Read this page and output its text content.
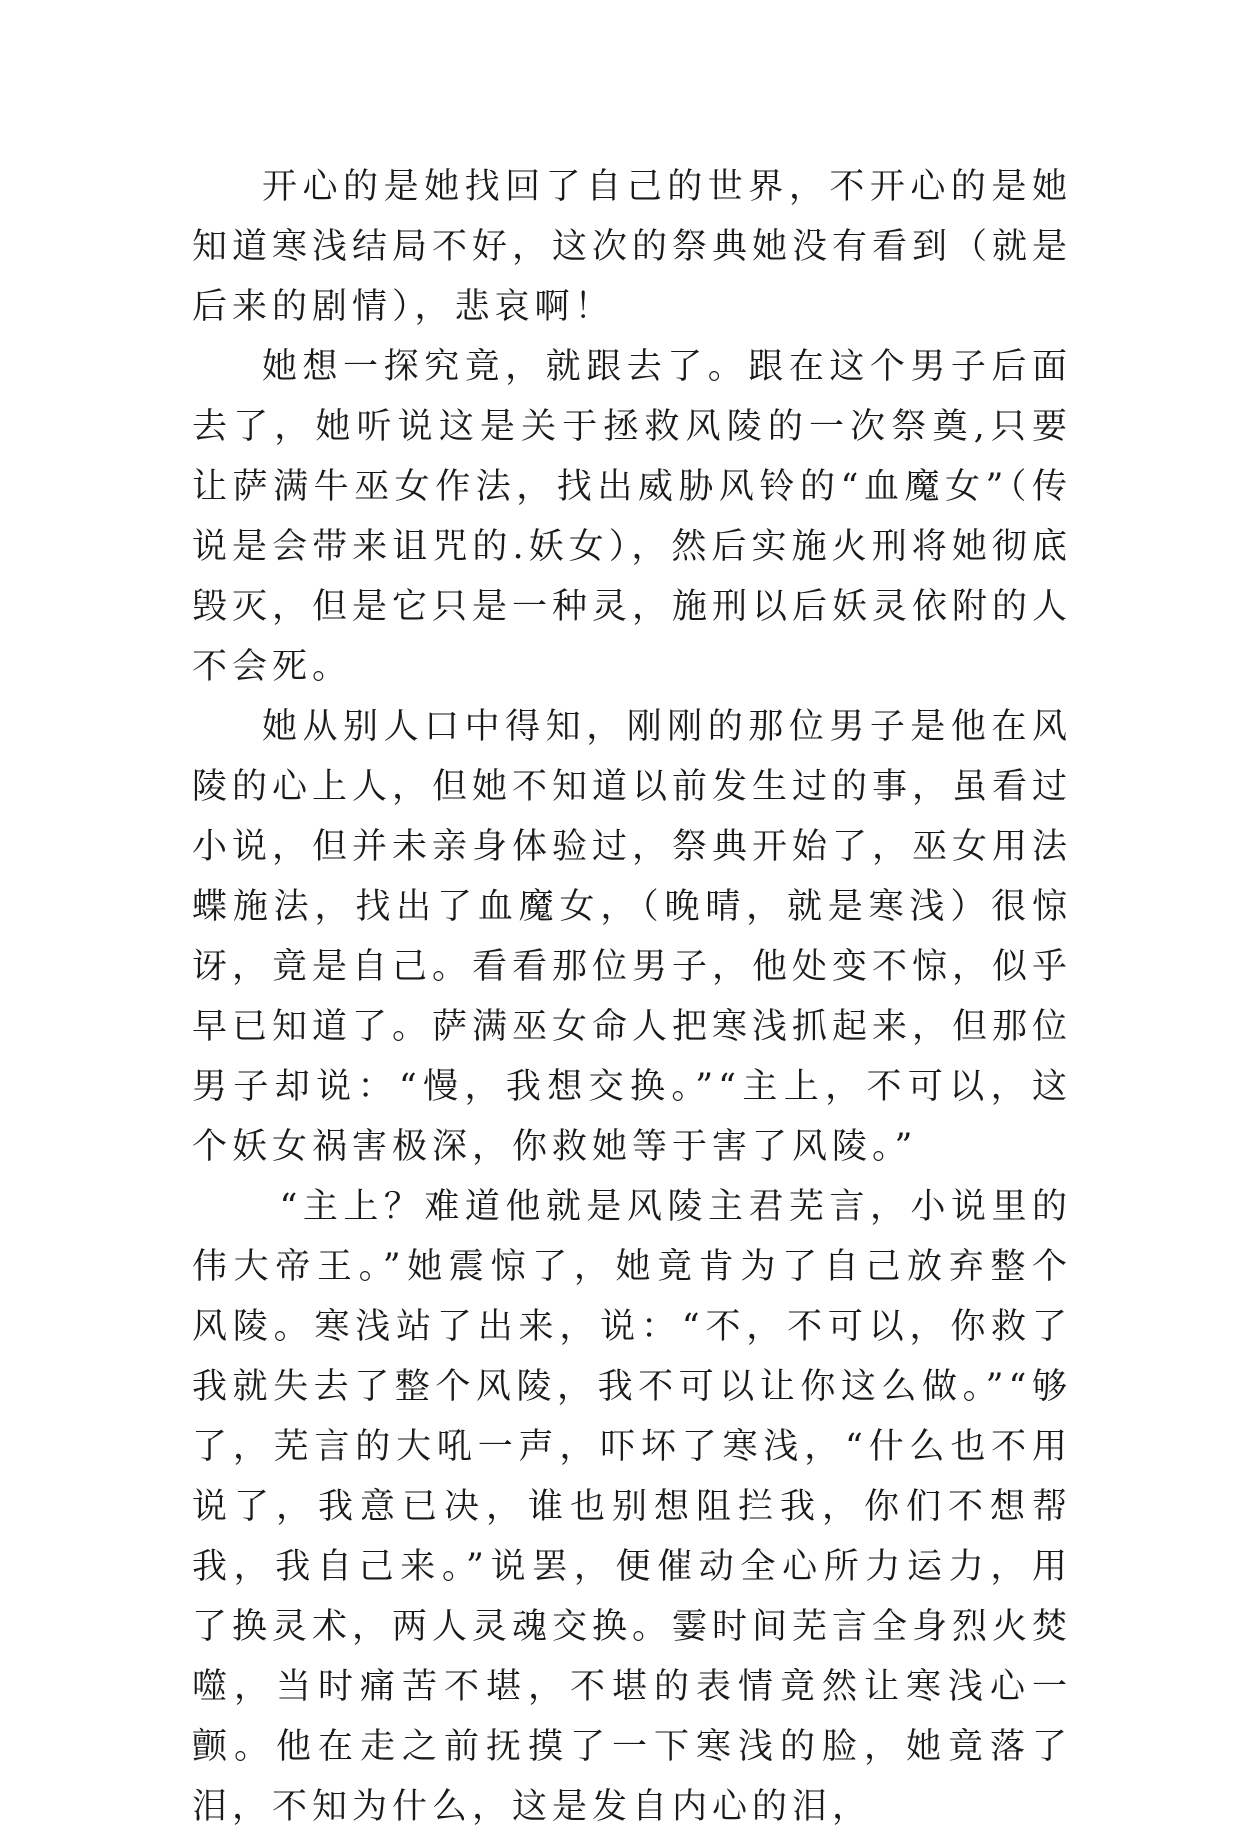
开心的是她找回了自己的世界，不开心的是她知道寒浅结局不好，这次的祭典她没有看到（就是后来的剧情），悲哀啊！

她想一探究竟，就跟去了。跟在这个男子后面去了，她听说这是关于拯救风陵的一次祭奠,只要让萨满牛巫女作法，找出威胁风铃的“血魔女”（传说是会带来诅咒的.妖女），然后实施火刑将她彻底毁灭，但是它只是一种灵，施刑以后妖灵依附的人不会死。

她从别人口中得知，刚刚的那位男子是他在风陵的心上人，但她不知道以前发生过的事，虽看过小说，但并未亲身体验过，祭典开始了，巫女用法蝶施法，找出了血魔女，（晚晴，就是寒浅）很惊讶，竟是自己。看看那位男子，他处变不惊，似乎早已知道了。萨满巫女命人把寒浅抓起来，但那位男子却说：“慢，我想交换。”“主上，不可以，这个妖女祸害极深，你救她等于害了风陵。”

“主上？难道他就是风陵主君芜言，小说里的伟大帝王。”她震惊了，她竟肯为了自己放弃整个风陵。寒浅站了出来，说：“不，不可以，你救了我就失去了整个风陵，我不可以让你这么做。”“够了，芜言的大吼一声，吓坏了寒浅，“什么也不用说了，我意已决，谁也别想阻拦我，你们不想帮我，我自己来。”说罢，便催动全心所力运力，用了换灵术，两人灵魂交换。霎时间芜言全身烈火焚噬，当时痛苦不堪，不堪的表情竟然让寒浅心一颤。他在走之前抚摸了一下寒浅的脸，她竟落了泪，不知为什么，这是发自内心的泪，
